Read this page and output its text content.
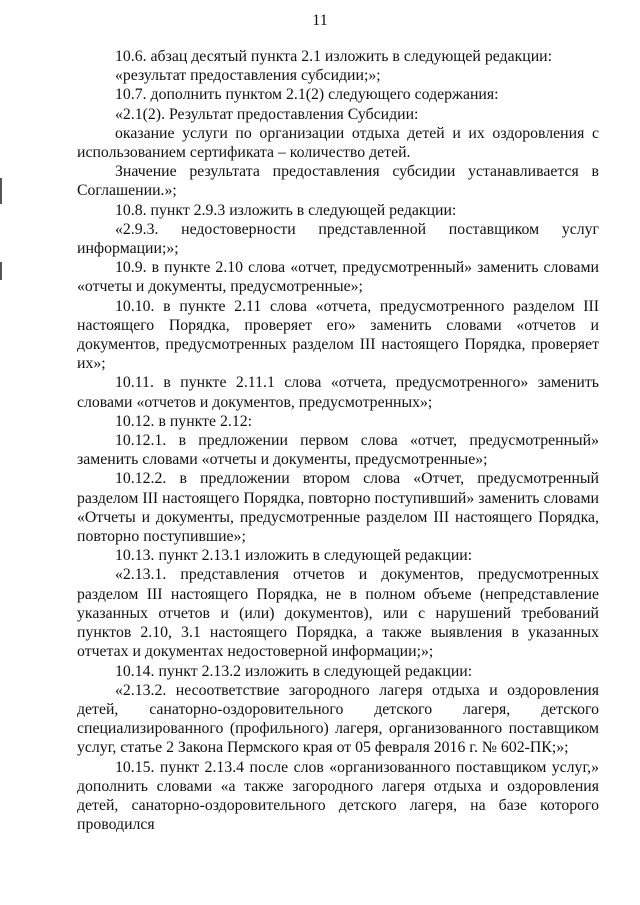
11

10.6. абзац десятый пункта 2.1 изложить в следующей редакции:

«результат предоставления субсидии;»;

10.7. дополнить пунктом 2.1(2) следующего содержания:

«2.1(2). Результат предоставления Субсидии:

оказание услуги по организации отдыха детей и их оздоровления с использованием сертификата – количество детей.

Значение результата предоставления субсидии устанавливается в Соглашении.»;

10.8. пункт 2.9.3 изложить в следующей редакции:

«2.9.3. недостоверности представленной поставщиком услуг информации;»;

10.9. в пункте 2.10 слова «отчет, предусмотренный» заменить словами «отчеты и документы, предусмотренные»;

10.10. в пункте 2.11 слова «отчета, предусмотренного разделом III настоящего Порядка, проверяет его» заменить словами «отчетов и документов, предусмотренных разделом III настоящего Порядка, проверяет их»;

10.11. в пункте 2.11.1 слова «отчета, предусмотренного» заменить словами «отчетов и документов, предусмотренных»;

10.12. в пункте 2.12:

10.12.1. в предложении первом слова «отчет, предусмотренный» заменить словами «отчеты и документы, предусмотренные»;

10.12.2. в предложении втором слова «Отчет, предусмотренный разделом III настоящего Порядка, повторно поступивший» заменить словами «Отчеты и документы, предусмотренные разделом III настоящего Порядка, повторно поступившие»;

10.13. пункт 2.13.1 изложить в следующей редакции:

«2.13.1. представления отчетов и документов, предусмотренных разделом III настоящего Порядка, не в полном объеме (непредставление указанных отчетов и (или) документов), или с нарушений требований пунктов 2.10, 3.1 настоящего Порядка, а также выявления в указанных отчетах и документах недостоверной информации;»;

10.14. пункт 2.13.2 изложить в следующей редакции:

«2.13.2. несоответствие загородного лагеря отдыха и оздоровления детей, санаторно-оздоровительного детского лагеря, детского специализированного (профильного) лагеря, организованного поставщиком услуг, статье 2 Закона Пермского края от 05 февраля 2016 г. № 602-ПК;»;

10.15. пункт 2.13.4 после слов «организованного поставщиком услуг,» дополнить словами «а также загородного лагеря отдыха и оздоровления детей, санаторно-оздоровительного детского лагеря, на базе которого проводился
